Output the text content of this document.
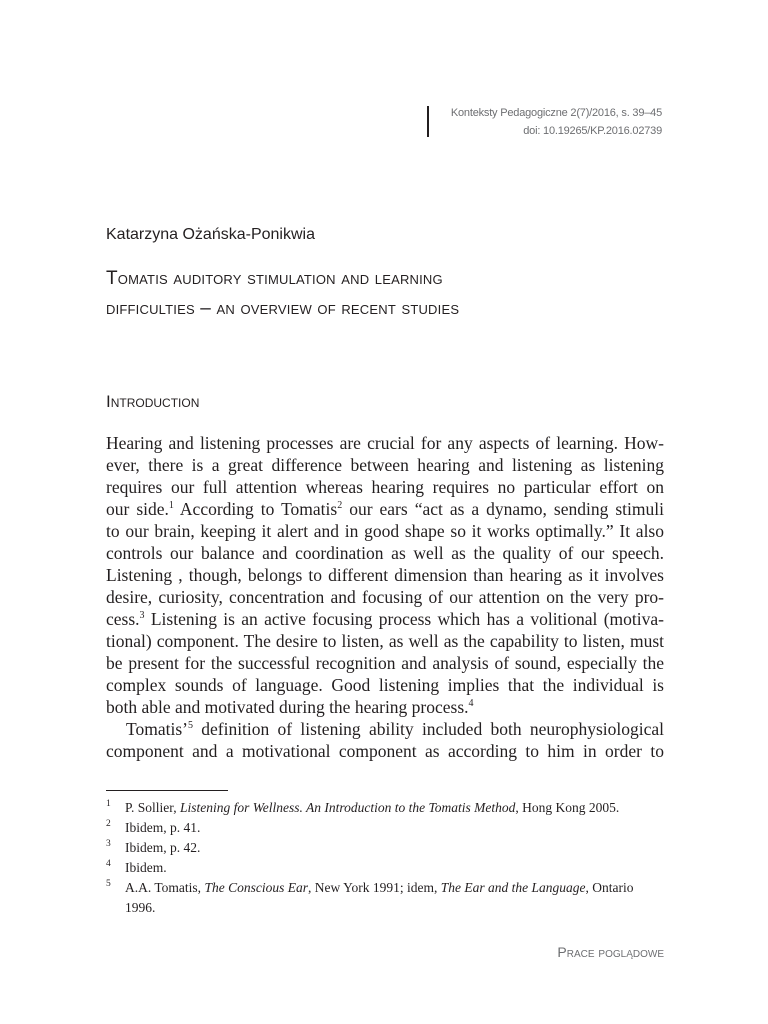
Konteksty Pedagogiczne 2(7)/2016, s. 39–45
doi: 10.19265/KP.2016.02739
Katarzyna Ożańska-Ponikwia
Tomatis auditory stimulation and learning
difficulties – an overview of recent studies
Introduction
Hearing and listening processes are crucial for any aspects of learning. How-
ever, there is a great difference between hearing and listening as listening
requires our full attention whereas hearing requires no particular effort on
our side.$^1$ According to Tomatis$^2$ our ears “act as a dynamo, sending stimuli
to our brain, keeping it alert and in good shape so it works optimally.” It also
controls our balance and coordination as well as the quality of our speech.
Listening , though, belongs to different dimension than hearing as it involves
desire, curiosity, concentration and focusing of our attention on the very pro-
cess.$^3$ Listening is an active focusing process which has a volitional (motiva-
tional) component. The desire to listen, as well as the capability to listen, must
be present for the successful recognition and analysis of sound, especially the
complex sounds of language. Good listening implies that the individual is
both able and motivated during the hearing process.$^4$
Tomatis’$^5$ definition of listening ability included both neurophysiological
component and a motivational component as according to him in order to
1 P. Sollier, Listening for Wellness. An Introduction to the Tomatis Method, Hong Kong 2005.
2 Ibidem, p. 41.
3 Ibidem, p. 42.
4 Ibidem.
5 A.A. Tomatis, The Conscious Ear, New York 1991; idem, The Ear and the Language, Ontario
1996.
Prace poglądowe
